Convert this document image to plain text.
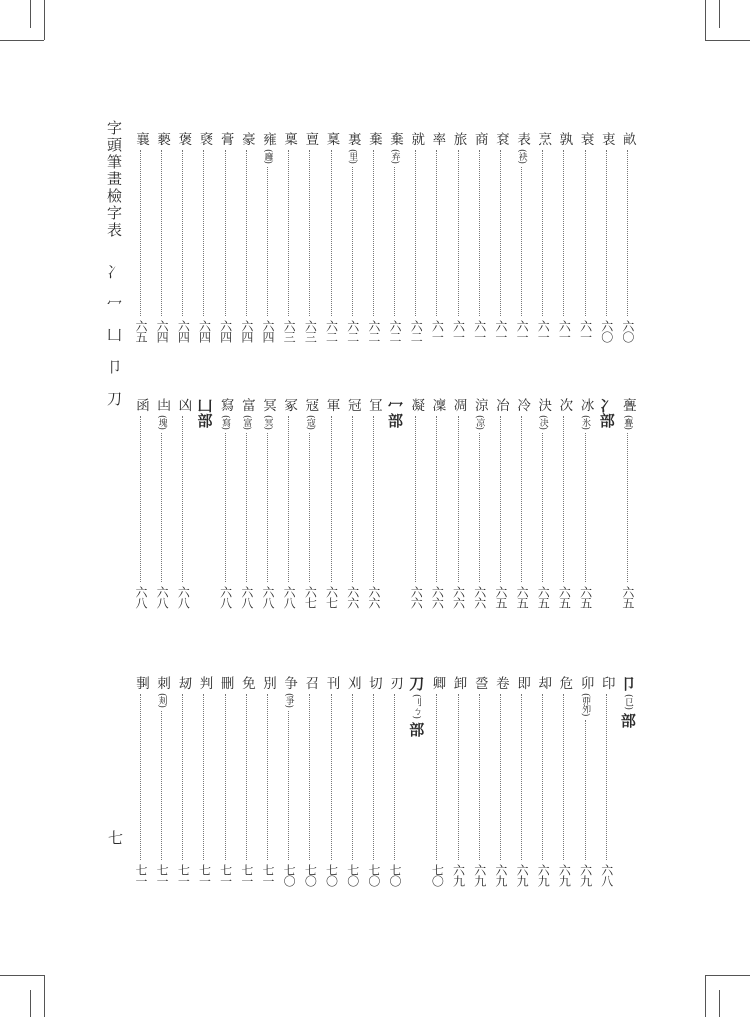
字頭筆畫檢字表 冫 冖 凵 卩 刀
七
畝
六〇
衷
六〇
衰
六一
孰
六一
烹
六一
表
(袂)
六一
袞
六一
商
六一
旅
六一
率
六一
就
六二
棄
(弃)
六二
棄
六二
裏
(里)
六二
稟
六二
亶
六三
稟
六三
雍
(廱)
六四
豪
六四
膏
六四
褎
六四
褒
六四
褻
六四
襄
六五
亹
(亹)
六五
冫部
冰
(氷)
六五
次
六五
決
(决)
六五
冷
六五
冶
六五
涼
(凉)
六六
凋
六六
凜
六六
凝
六六
冖部
冝
六六
冠
六六
軍
六七
冦
(寇)
六七
冢
六八
冥
(冥)
六八
富
(富)
六八
寫
(寫)
六八
凵部
凶
六八
凷
(塊)
六八
函
六八
卩
(㔾)
部
印
六八
卯
(丣夘)
六九
危
六九
却
六九
即
六九
卷
六九
巹
六九
卸
六九
卿
七〇
刀
(刂ㄅ)
部
刃
七〇
切
七〇
刈
七〇
刊
七〇
召
七〇
争
(爭)
七〇
別
七一
免
七一
刪
七一
判
七一
刼
七一
刺
(刾)
七一
剚
七一
